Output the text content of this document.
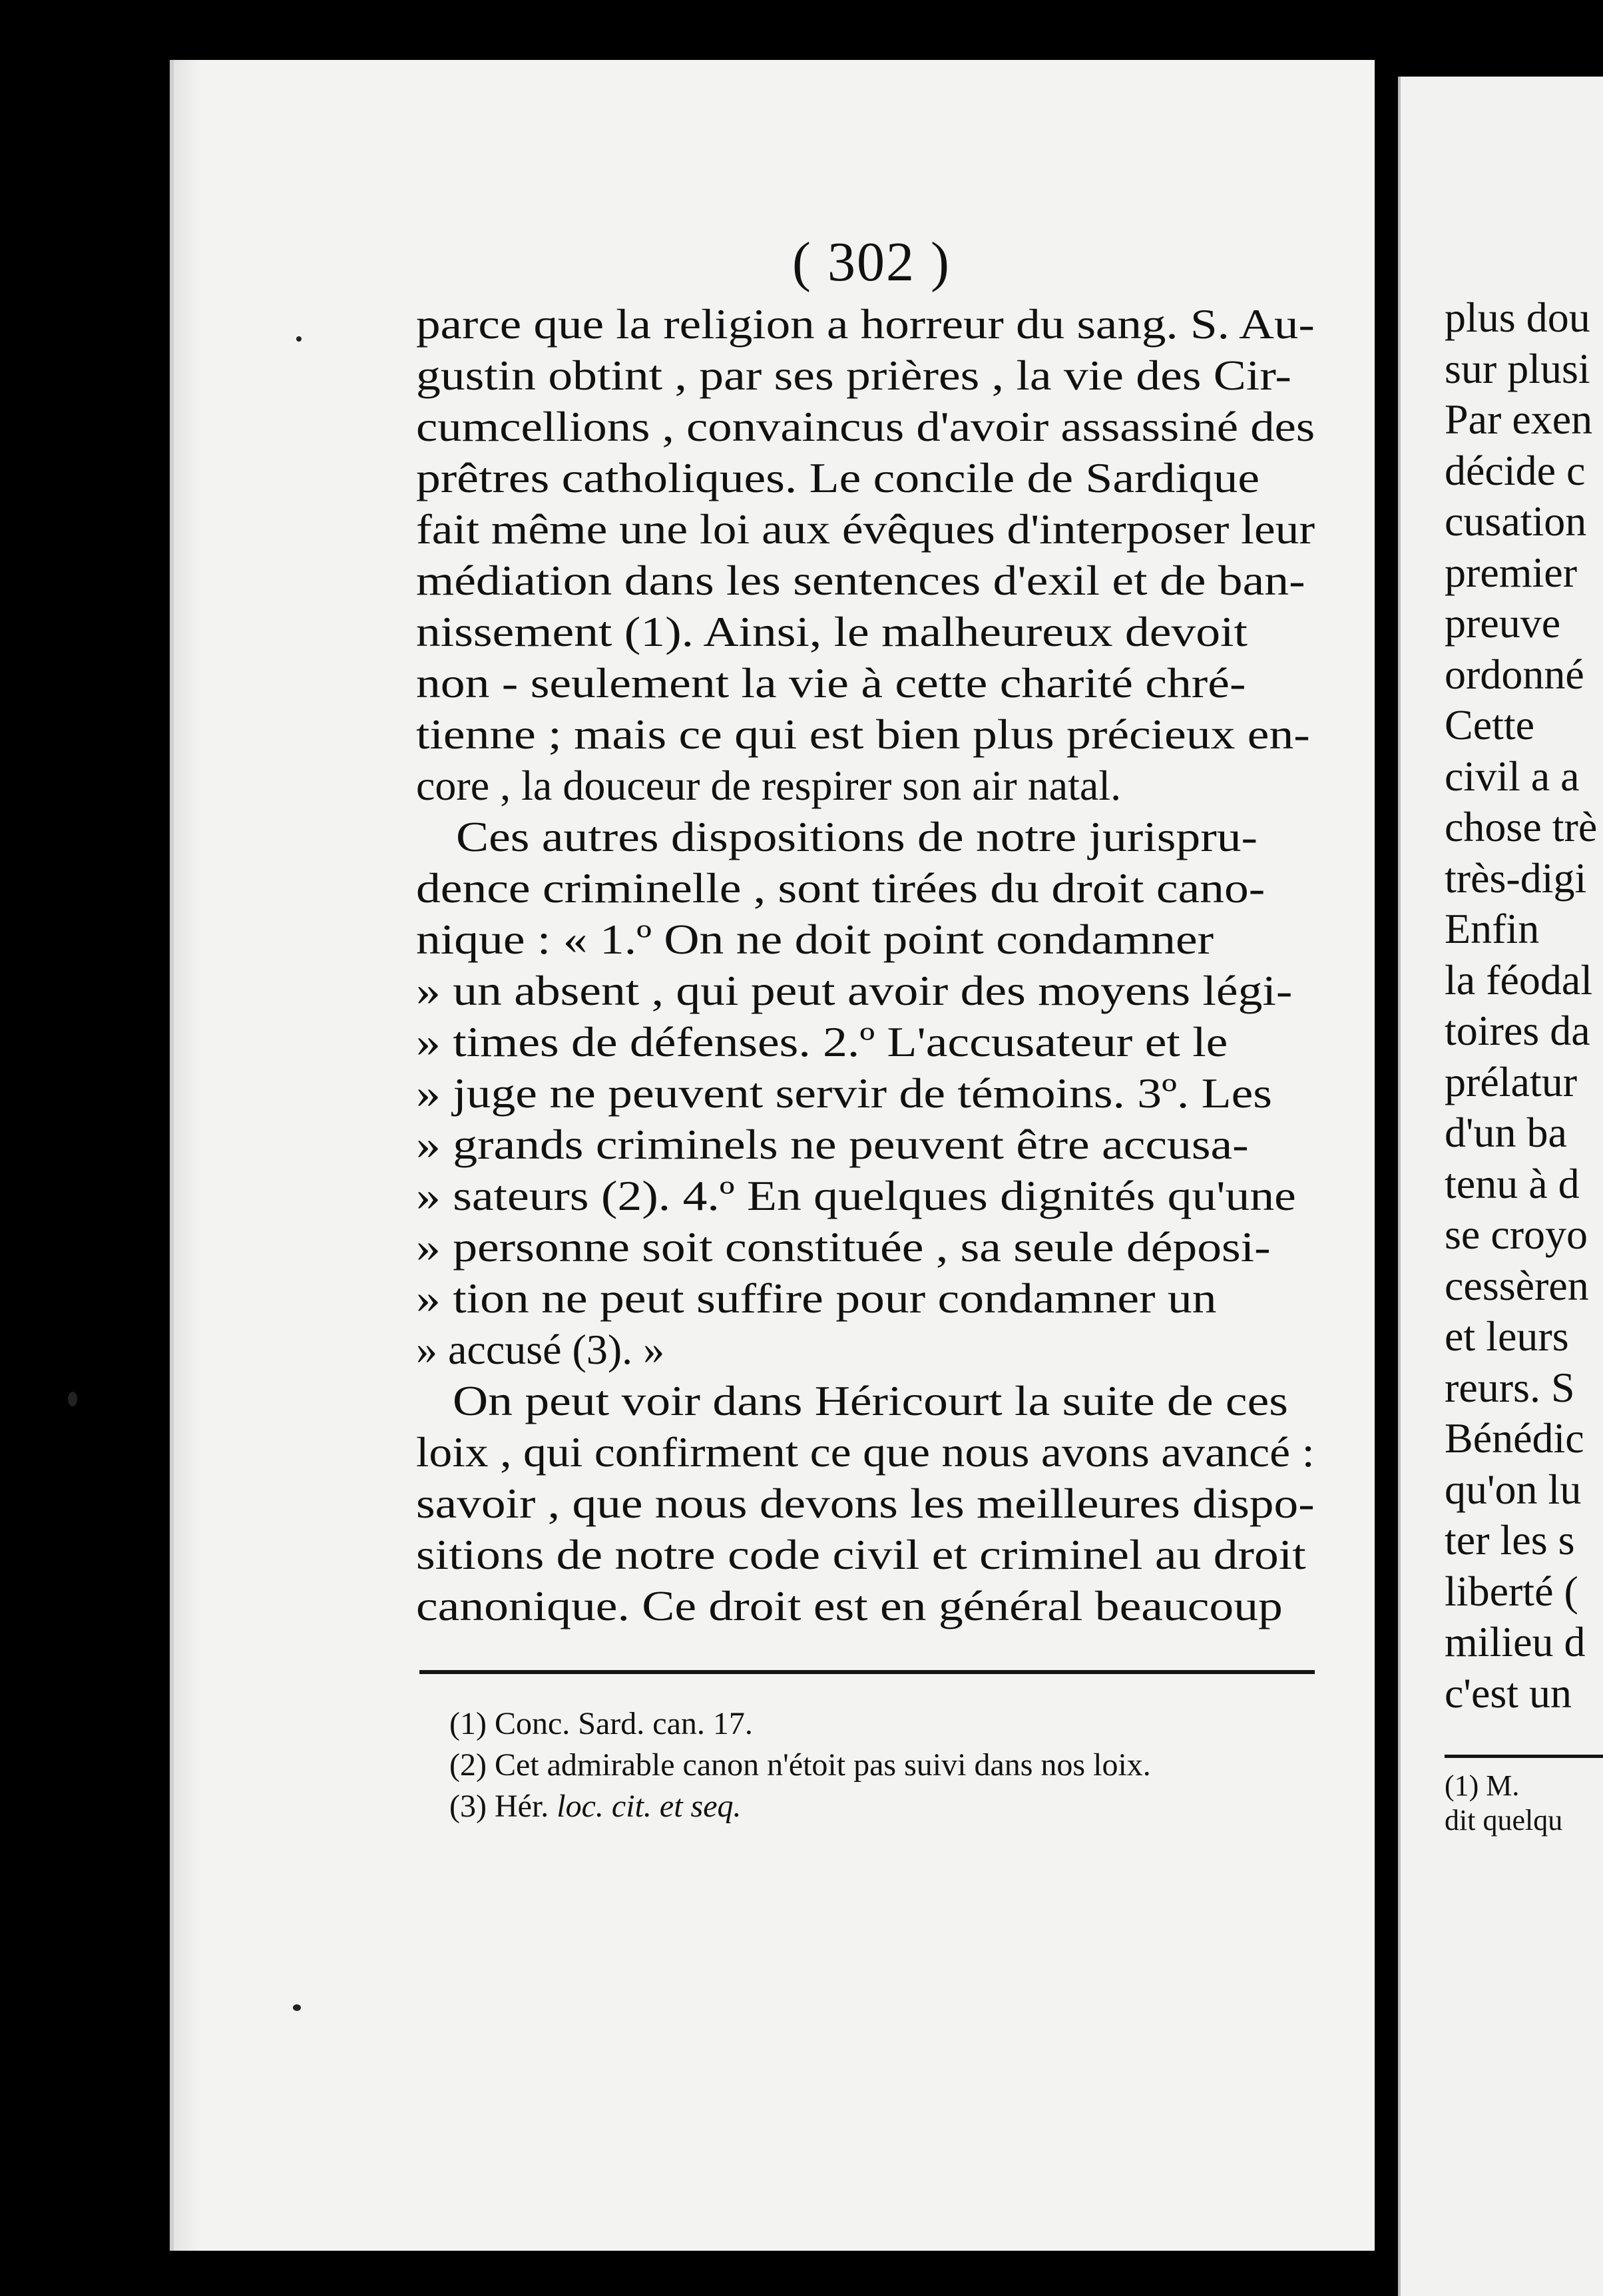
( 302 )
parce que la religion a horreur du sang. S. Au-
gustin obtint , par ses prières , la vie des Cir-
cumcellions , convaincus d'avoir assassiné des
prêtres catholiques. Le concile de Sardique
fait même une loi aux évêques d'interposer leur
médiation dans les sentences d'exil et de ban-
nissement (1). Ainsi, le malheureux devoit
non - seulement la vie à cette charité chré-
tienne ; mais ce qui est bien plus précieux en-
core , la douceur de respirer son air natal.
Ces autres dispositions de notre jurispru-
dence criminelle , sont tirées du droit cano-
nique : « 1.º On ne doit point condamner
» un absent , qui peut avoir des moyens légi-
» times de défenses. 2.º L'accusateur et le
» juge ne peuvent servir de témoins. 3º. Les
» grands criminels ne peuvent être accusa-
» sateurs (2). 4.º En quelques dignités qu'une
» personne soit constituée , sa seule déposi-
» tion ne peut suffire pour condamner un
» accusé (3). »
On peut voir dans Héricourt la suite de ces
loix , qui confirment ce que nous avons avancé :
savoir , que nous devons les meilleures dispo-
sitions de notre code civil et criminel au droit
canonique. Ce droit est en général beaucoup
(1) Conc. Sard. can. 17.
(2) Cet admirable canon n'étoit pas suivi dans nos loix.
(3) Hér. loc. cit. et seq.
plus dou
sur plusi
Par exen
décide c
cusation
premier
preuve
ordonné
Cette
civil a a
chose trè
très-digi
Enfin
la féodal
toires da
prélatur
d'un ba
tenu à d
se croyo
cessèren
et leurs
reurs. S
Bénédic
qu'on lu
ter les s
liberté (
milieu d
c'est un
(1) M.
dit quelqu
